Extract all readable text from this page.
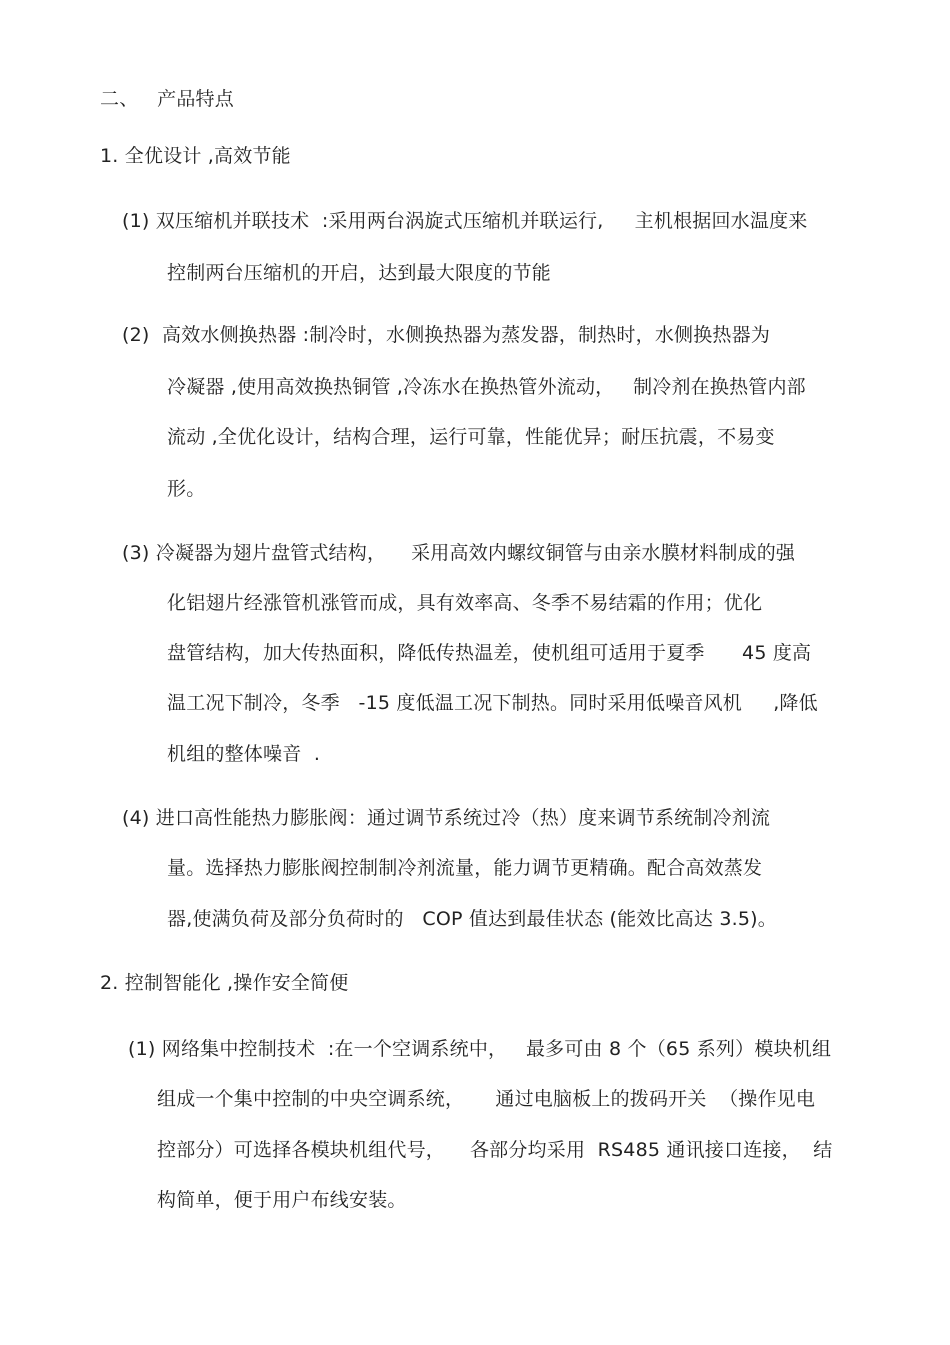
二、   产品特点

1. 全优设计 ,高效节能

(1) 双压缩机并联技术  :采用两台涡旋式压缩机并联运行,     主机根据回水温度来

控制两台压缩机的开启，达到最大限度的节能

(2)  高效水侧换热器 :制冷时，水侧换热器为蒸发器，制热时，水侧换热器为

冷凝器 ,使用高效换热铜管 ,冷冻水在换热管外流动，   制冷剂在换热管内部

流动 ,全优化设计，结构合理，运行可靠，性能优异；耐压抗震，不易变

形。

(3) 冷凝器为翅片盘管式结构，    采用高效内螺纹铜管与由亲水膜材料制成的强

化铝翅片经涨管机涨管而成，具有效率高、冬季不易结霜的作用；优化

盘管结构，加大传热面积，降低传热温差，使机组可适用于夏季      45 度高

温工况下制冷，冬季   -15 度低温工况下制热。同时采用低噪音风机     ,降低

机组的整体噪音  .

(4) 进口高性能热力膨胀阀：通过调节系统过冷（热）度来调节系统制冷剂流

量。选择热力膨胀阀控制制冷剂流量，能力调节更精确。配合高效蒸发

器,使满负荷及部分负荷时的   COP 值达到最佳状态 (能效比高达 3.5)。

2. 控制智能化 ,操作安全简便

(1) 网络集中控制技术  :在一个空调系统中，   最多可由 8 个（65 系列）模块机组

组成一个集中控制的中央空调系统，     通过电脑板上的拨码开关  （操作见电

控部分）可选择各模块机组代号，    各部分均采用  RS485 通讯接口连接，  结

构简单，便于用户布线安装。
